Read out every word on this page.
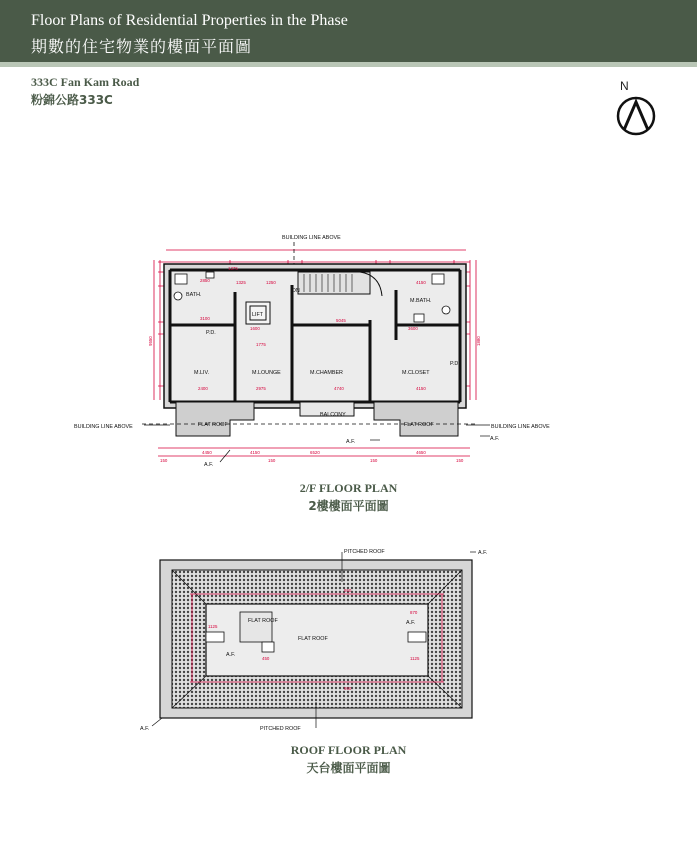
Floor Plans of Residential Properties in the Phase
期數的住宅物業的樓面平面圖
333C Fan Kam Road
粉錦公路333C
N
BUILDING LINE ABOVE
BUILDING LINE ABOVE	BUILDING LINE ABOVE
BATH.
M.BATH.
LIFT
P.D.
P.D.
DN
M.LIV.	M.LOUNGE	M.CHAMBER	M.CLOSET
BALCONY
FLAT ROOF	FLAT ROOF
A.F.	A.F.
A.F.
1375
2850	1325	1250	4150
3100
1600
1775
5045
3600
2400	2975	4740	4150
4450	4150	6520	4650
150	150	150	150
9550	1880
2/F FLOOR PLAN
2樓樓面平面圖
PITCHED ROOF
PITCHED ROOF
A.F.
A.F.
FLAT ROOF
FLAT ROOF
A.F.
A.F.
950
1125
450
950
870
1125
ROOF FLOOR PLAN
天台樓面平面圖
